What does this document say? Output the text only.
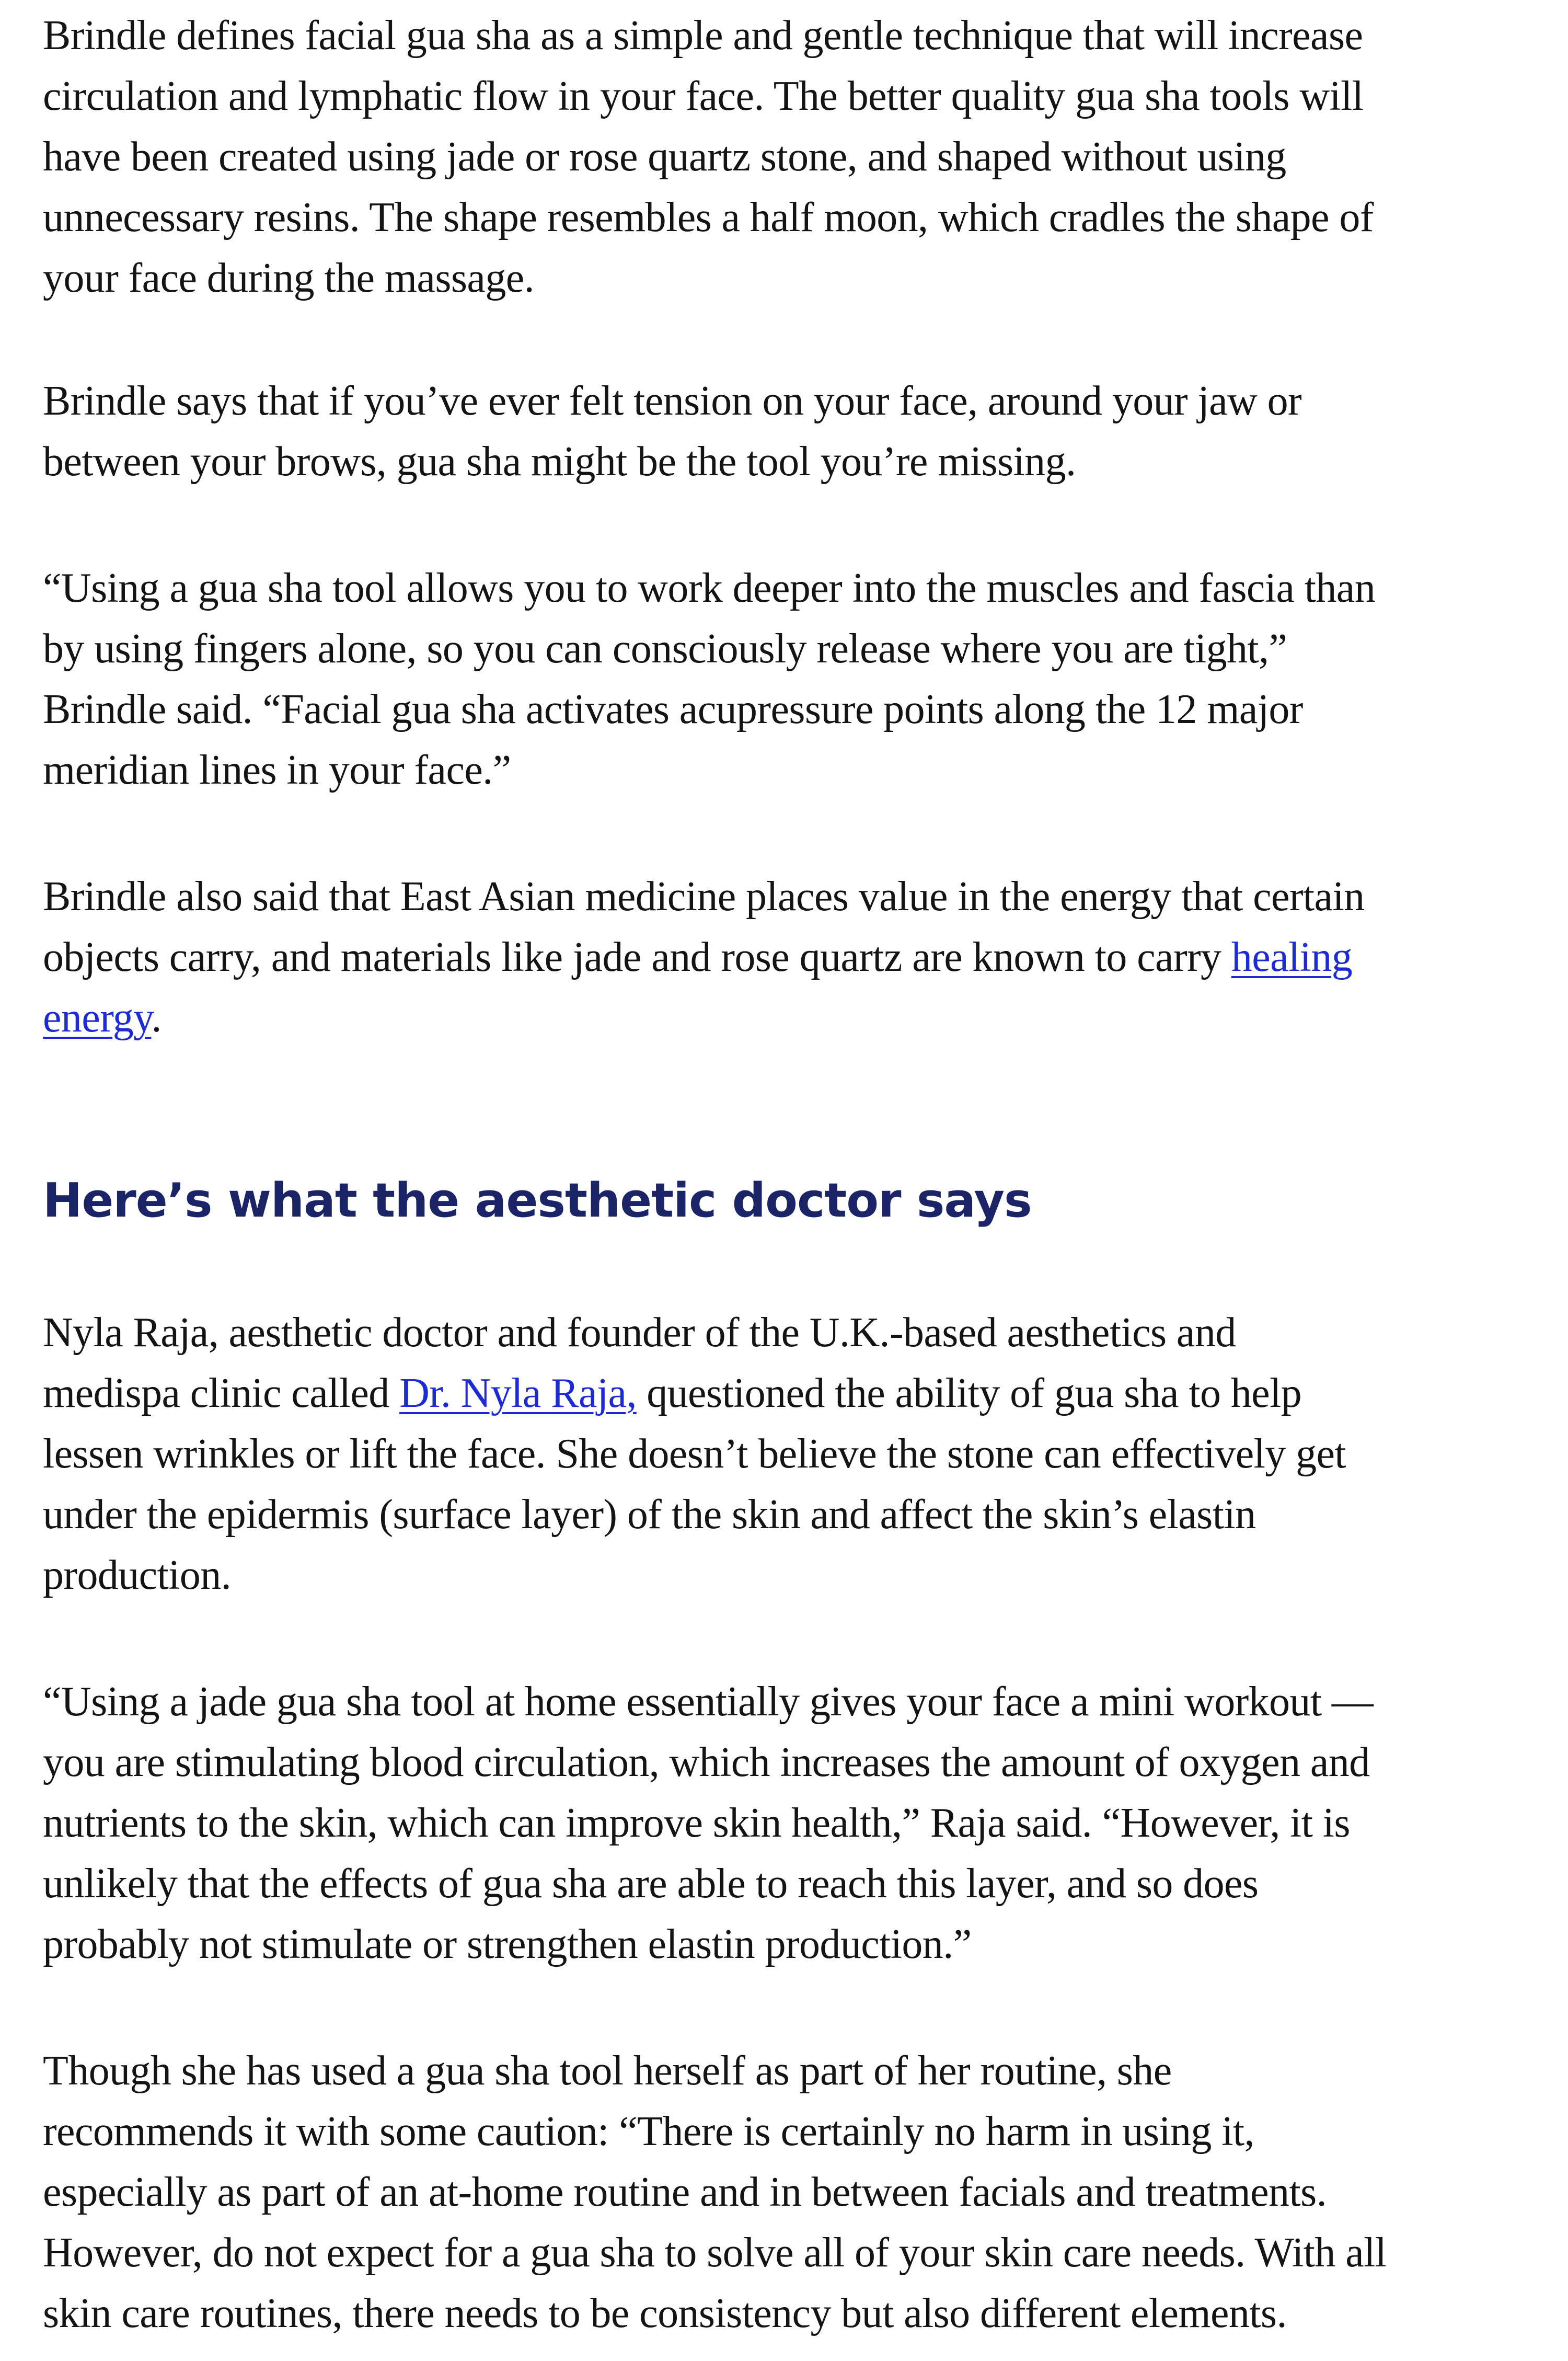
Brindle defines facial gua sha as a simple and gentle technique that will increase
circulation and lymphatic flow in your face. The better quality gua sha tools will
have been created using jade or rose quartz stone, and shaped without using
unnecessary resins. The shape resembles a half moon, which cradles the shape of
your face during the massage.

Brindle says that if you’ve ever felt tension on your face, around your jaw or
between your brows, gua sha might be the tool you’re missing.

“Using a gua sha tool allows you to work deeper into the muscles and fascia than
by using fingers alone, so you can consciously release where you are tight,”
Brindle said. “Facial gua sha activates acupressure points along the 12 major
meridian lines in your face.”

Brindle also said that East Asian medicine places value in the energy that certain
objects carry, and materials like jade and rose quartz are known to carry healing
energy.

Here’s what the aesthetic doctor says

Nyla Raja, aesthetic doctor and founder of the U.K.-based aesthetics and
medispa clinic called Dr. Nyla Raja, questioned the ability of gua sha to help
lessen wrinkles or lift the face. She doesn’t believe the stone can effectively get
under the epidermis (surface layer) of the skin and affect the skin’s elastin
production.

“Using a jade gua sha tool at home essentially gives your face a mini workout —
you are stimulating blood circulation, which increases the amount of oxygen and
nutrients to the skin, which can improve skin health,” Raja said. “However, it is
unlikely that the effects of gua sha are able to reach this layer, and so does
probably not stimulate or strengthen elastin production.”

Though she has used a gua sha tool herself as part of her routine, she
recommends it with some caution: “There is certainly no harm in using it,
especially as part of an at-home routine and in between facials and treatments.
However, do not expect for a gua sha to solve all of your skin care needs. With all
skin care routines, there needs to be consistency but also different elements.
